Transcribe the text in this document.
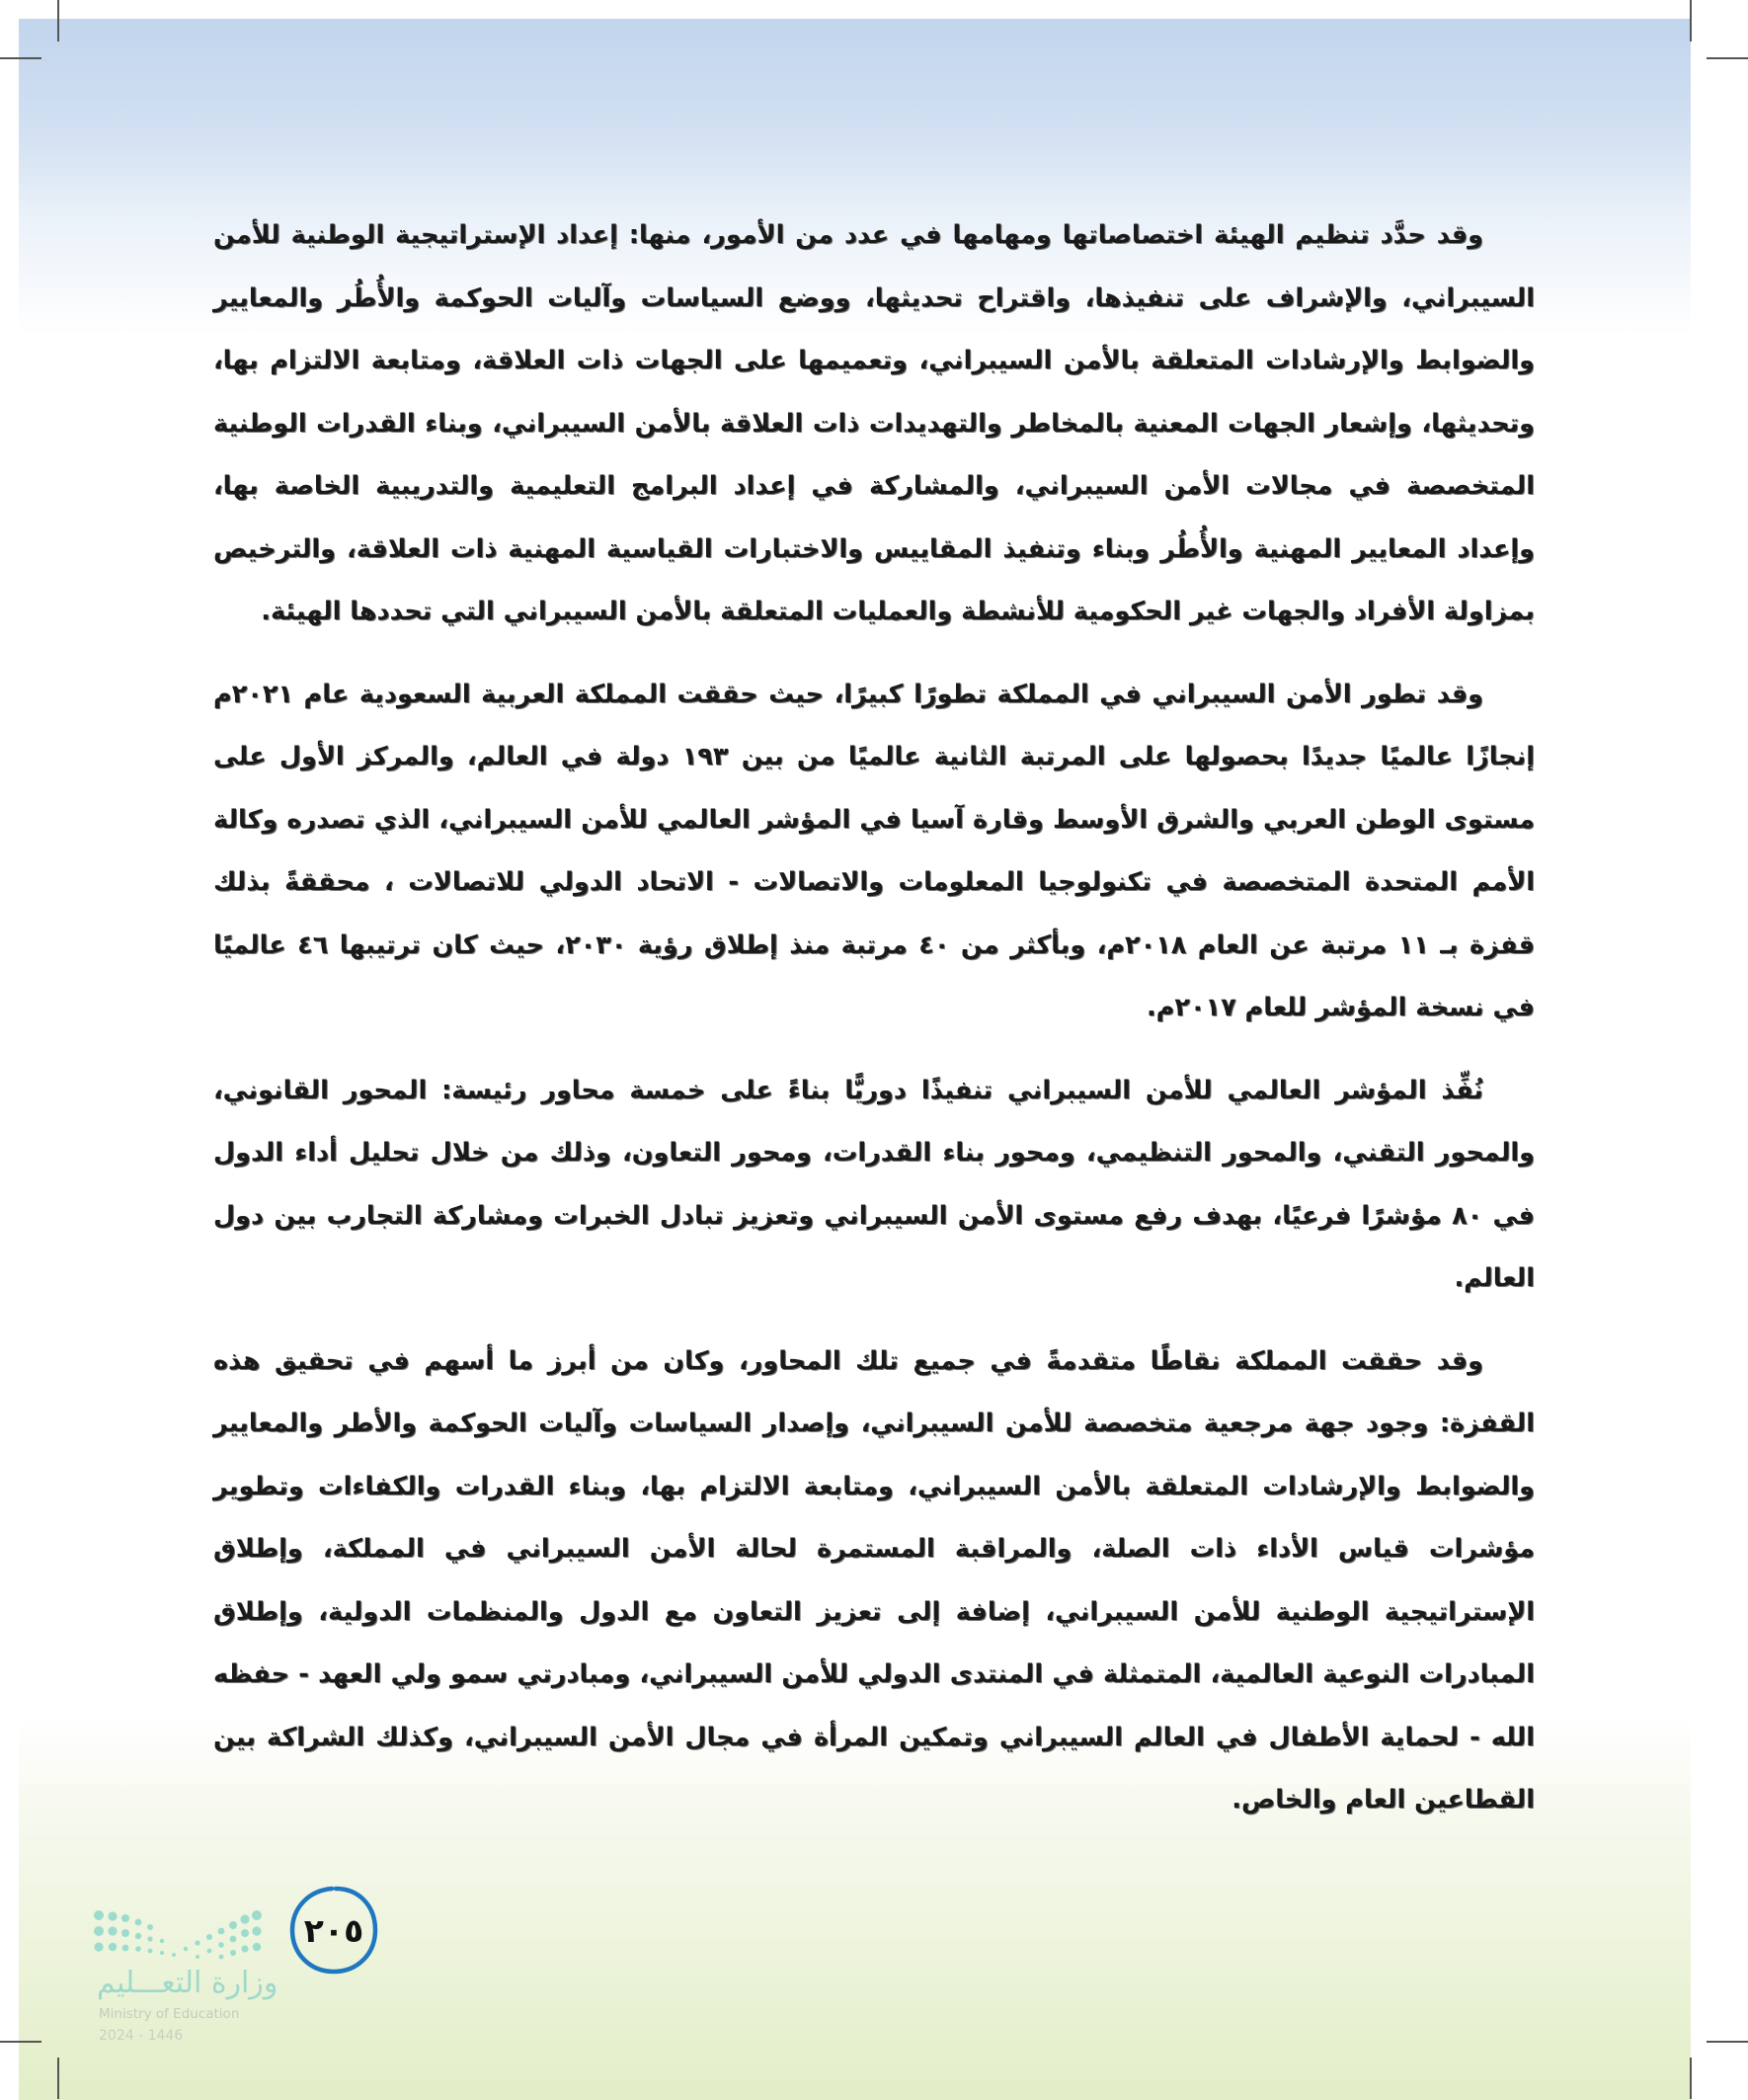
وقد حدَّد تنظيم الهيئة اختصاصاتها ومهامها في عدد من الأمور، منها: إعداد الإستراتيجية الوطنية للأمن السيبراني، والإشراف على تنفيذها، واقتراح تحديثها، ووضع السياسات وآليات الحوكمة والأُطُر والمعايير والضوابط والإرشادات المتعلقة بالأمن السيبراني، وتعميمها على الجهات ذات العلاقة، ومتابعة الالتزام بها، وتحديثها، وإشعار الجهات المعنية بالمخاطر والتهديدات ذات العلاقة بالأمن السيبراني، وبناء القدرات الوطنية المتخصصة في مجالات الأمن السيبراني، والمشاركة في إعداد البرامج التعليمية والتدريبية الخاصة بها، وإعداد المعايير المهنية والأُطُر وبناء وتنفيذ المقاييس والاختبارات القياسية المهنية ذات العلاقة، والترخيص بمزاولة الأفراد والجهات غير الحكومية للأنشطة والعمليات المتعلقة بالأمن السيبراني التي تحددها الهيئة.

وقد تطور الأمن السيبراني في المملكة تطورًا كبيرًا، حيث حققت المملكة العربية السعودية عام ٢٠٢١م إنجازًا عالميًا جديدًا بحصولها على المرتبة الثانية عالميًا من بين ١٩٣ دولة في العالم، والمركز الأول على مستوى الوطن العربي والشرق الأوسط وقارة آسيا في المؤشر العالمي للأمن السيبراني، الذي تصدره وكالة الأمم المتحدة المتخصصة في تكنولوجيا المعلومات والاتصالات - الاتحاد الدولي للاتصالات ، محققةً بذلك قفزة بـ ١١ مرتبة عن العام ٢٠١٨م، وبأكثر من ٤٠ مرتبة منذ إطلاق رؤية ٢٠٣٠، حيث كان ترتيبها ٤٦ عالميًا في نسخة المؤشر للعام ٢٠١٧م.

نُفِّذ المؤشر العالمي للأمن السيبراني تنفيذًا دوريًّا بناءً على خمسة محاور رئيسة: المحور القانوني، والمحور التقني، والمحور التنظيمي، ومحور بناء القدرات، ومحور التعاون، وذلك من خلال تحليل أداء الدول في ٨٠ مؤشرًا فرعيًا، بهدف رفع مستوى الأمن السيبراني وتعزيز تبادل الخبرات ومشاركة التجارب بين دول العالم.

وقد حققت المملكة نقاطًا متقدمةً في جميع تلك المحاور، وكان من أبرز ما أسهم في تحقيق هذه القفزة: وجود جهة مرجعية متخصصة للأمن السيبراني، وإصدار السياسات وآليات الحوكمة والأطر والمعايير والضوابط والإرشادات المتعلقة بالأمن السيبراني، ومتابعة الالتزام بها، وبناء القدرات والكفاءات وتطوير مؤشرات قياس الأداء ذات الصلة، والمراقبة المستمرة لحالة الأمن السيبراني في المملكة، وإطلاق الإستراتيجية الوطنية للأمن السيبراني، إضافة إلى تعزيز التعاون مع الدول والمنظمات الدولية، وإطلاق المبادرات النوعية العالمية، المتمثلة في المنتدى الدولي للأمن السيبراني، ومبادرتي سمو ولي العهد - حفظه الله - لحماية الأطفال في العالم السيبراني وتمكين المرأة في مجال الأمن السيبراني، وكذلك الشراكة بين القطاعين العام والخاص.

وزارة التعـــليم
Ministry of Education
2024 - 1446
٢٠٥
